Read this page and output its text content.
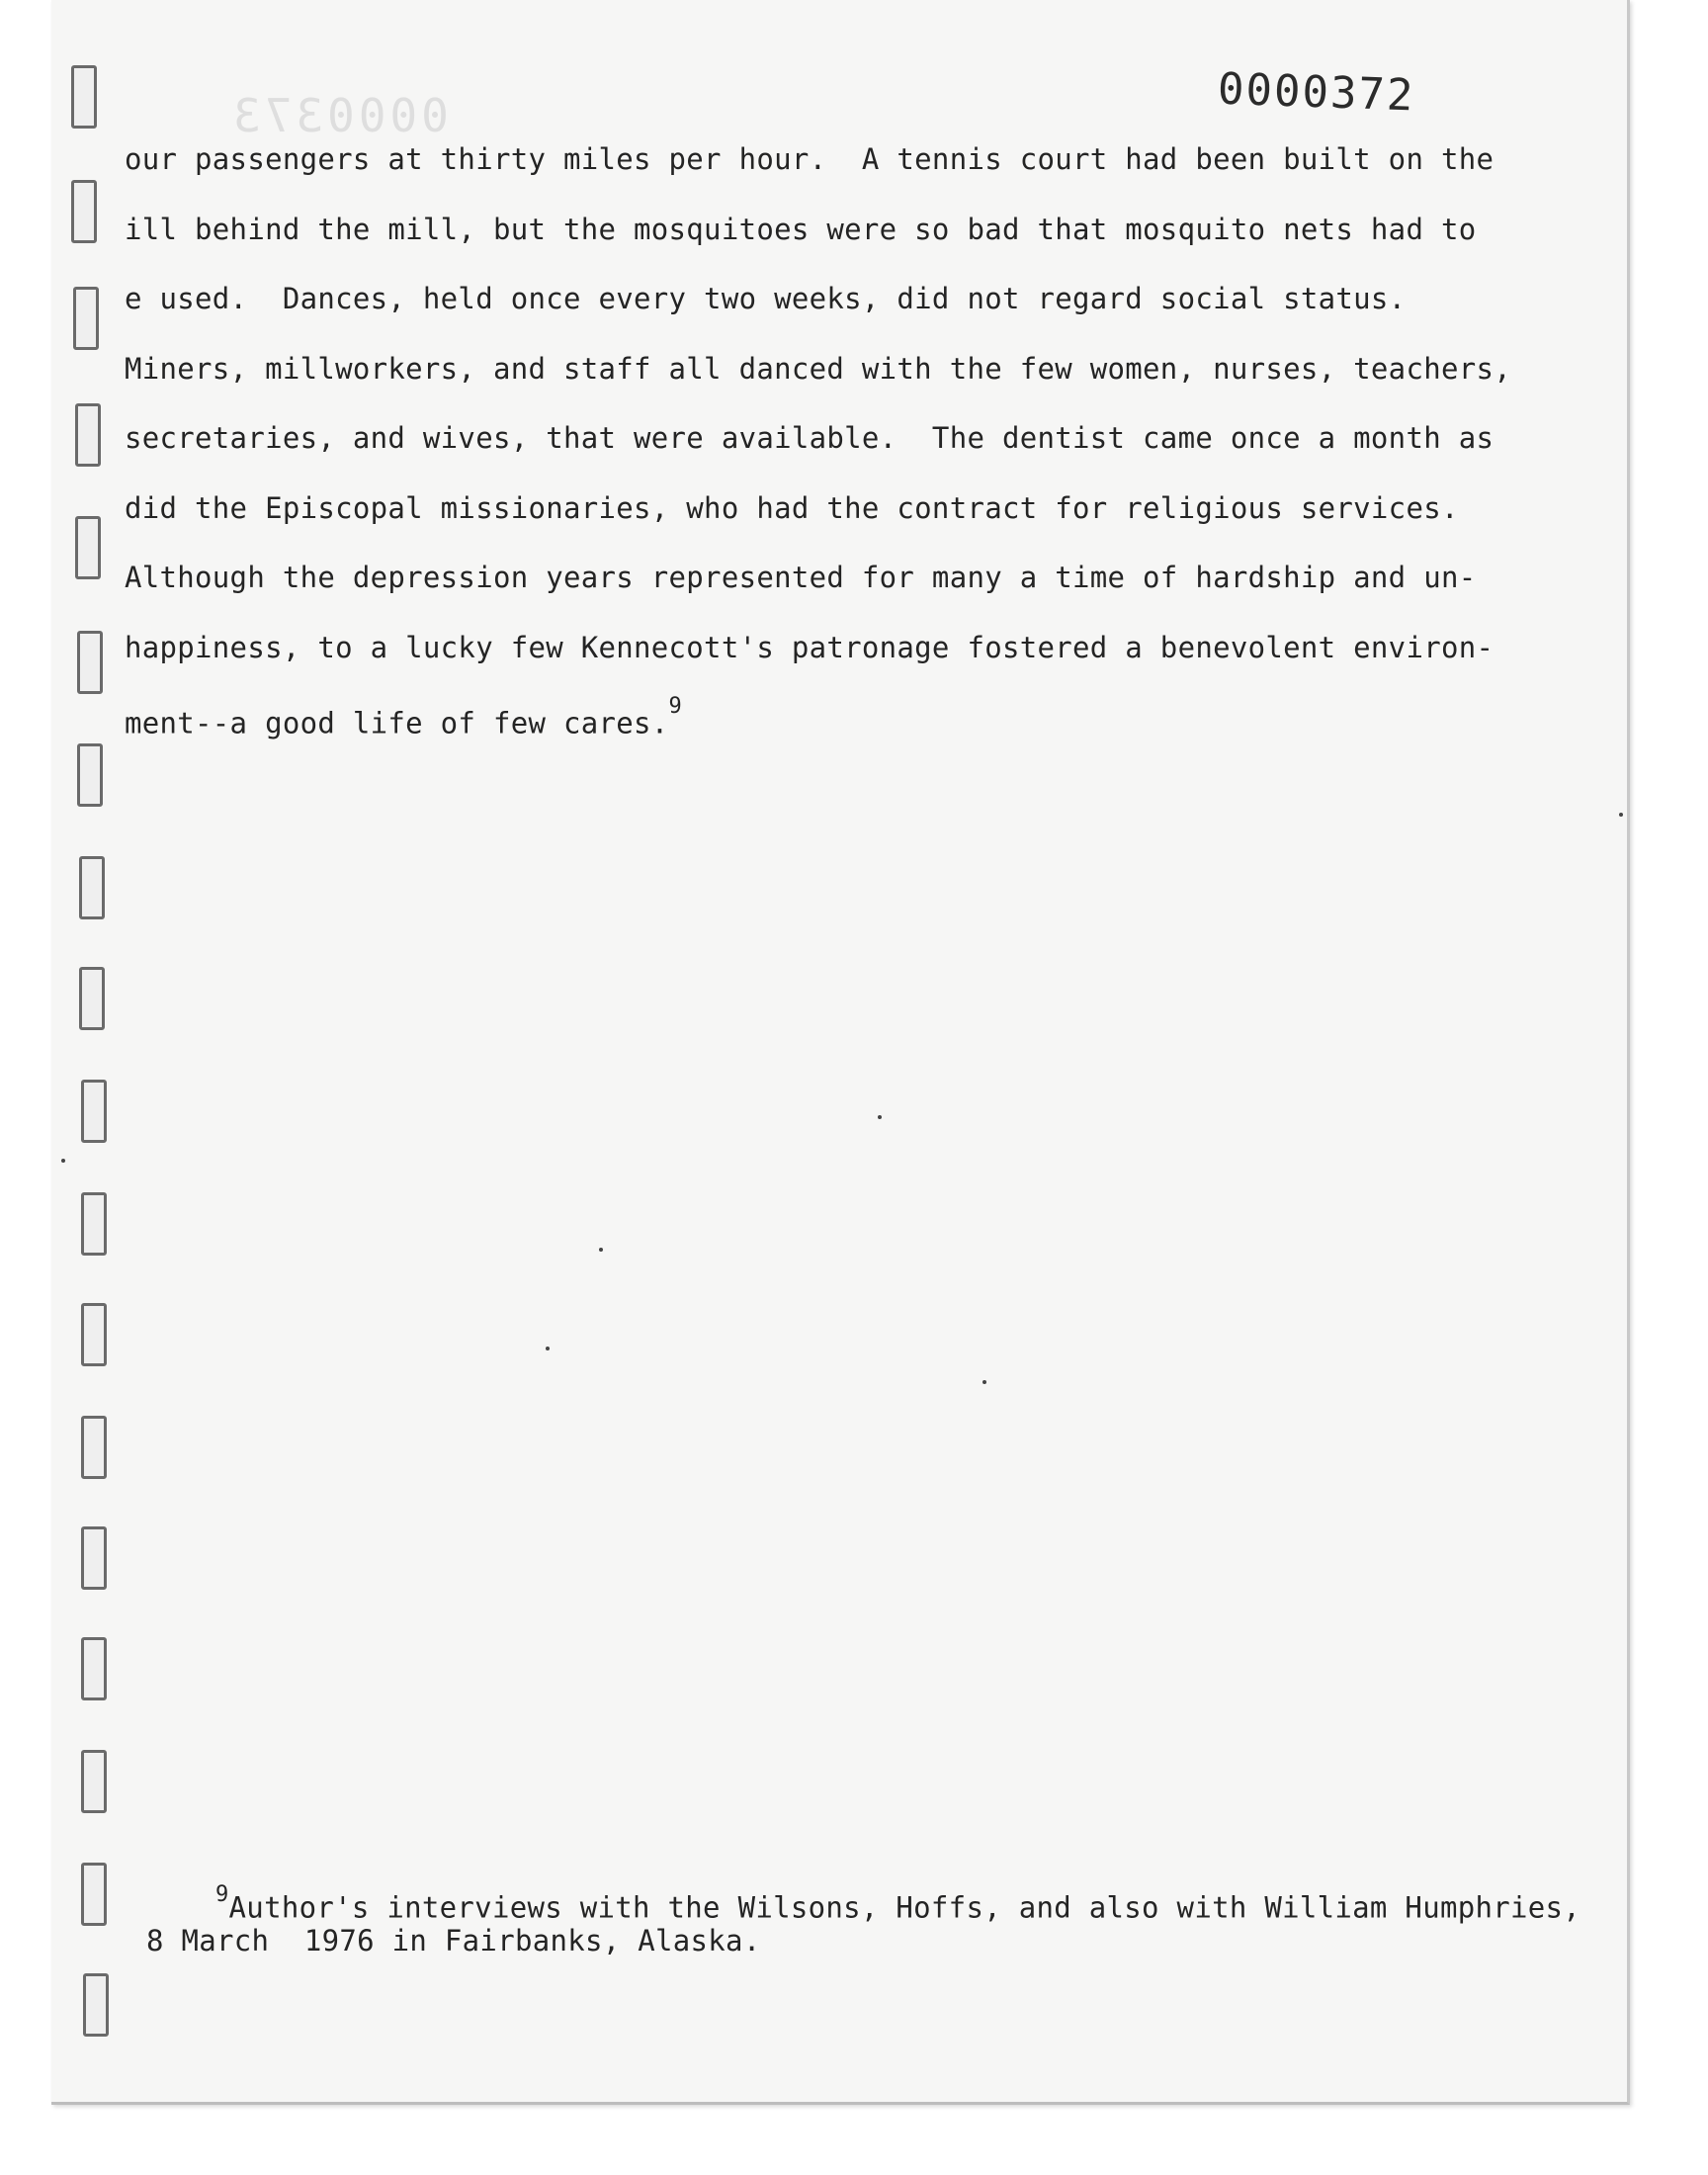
0000373	0000372
our passengers at thirty miles per hour.  A tennis court had been built on the
ill behind the mill, but the mosquitoes were so bad that mosquito nets had to
e used.  Dances, held once every two weeks, did not regard social status.
Miners, millworkers, and staff all danced with the few women, nurses, teachers,
secretaries, and wives, that were available.  The dentist came once a month as
did the Episcopal missionaries, who had the contract for religious services.
Although the depression years represented for many a time of hardship and un-
happiness, to a lucky few Kennecott's patronage fostered a benevolent environ-
ment--a good life of few cares.$^9$
$^9$Author's interviews with the Wilsons, Hoffs, and also with William Humphries,
8 March  1976 in Fairbanks, Alaska.
